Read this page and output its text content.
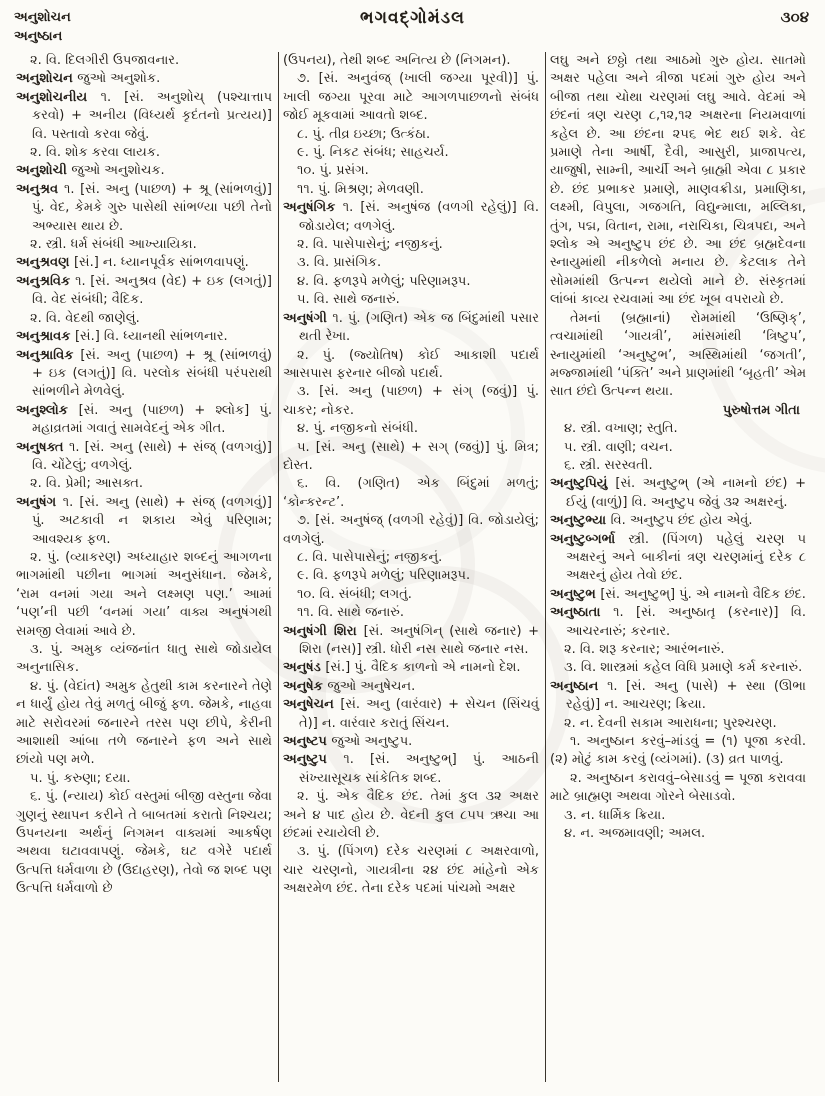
અનુશોચન
અનુષ્ઠાન
ભગવદ્ગોમંડલ	૩૦૪

૨. વિ. દિલગીરી ઉપજાવનાર.

અનુશોચન જુઓ અનુશોક.

અનુશોચનીય ૧. [સં. અનુશોચ્ (પશ્ચાત્તાપ કરવો) + અનીય (વિધ્યર્થ કૃદંતનો પ્રત્યય)] વિ. પસ્તાવો કરવા જેવું.

૨. વિ. શોક કરવા લાયક.

અનુશોચી જુઓ અનુશોચક.

અનુશ્રવ ૧. [સં. અનુ (પાછળ) + શ્રૂ (સાંભળવું)] પું. વેદ, કેમકે ગુરુ પાસેથી સાંભળ્યા પછી તેનો અભ્યાસ થાય છે.

૨. સ્ત્રી. ધર્મ સંબંધી આખ્યાયિકા.

અનુશ્રવણ [સં.] ન. ધ્યાનપૂર્વક સાંભળવાપણું.

અનુશ્રવિક ૧. [સં. અનુશ્રવ (વેદ) + ઇક (લગતું)] વિ. વેદ સંબંધી; વૈદિક.

૨. વિ. વેદથી જાણેલું.

અનુશ્રાવક [સં.] વિ. ધ્યાનથી સાંભળનાર.

અનુશ્રાવિક [સં. અનુ (પાછળ) + શ્રૂ (સાંભળવું) + ઇક (લગતું)] વિ. પરલોક સંબંધી પરંપરાથી સાંભળીને મેળવેલું.

અનુશ્લોક [સં. અનુ (પાછળ) + શ્લોક] પું. મહાવ્રતમાં ગવાતું સામવેદનું એક ગીત.

અનુષક્ત ૧. [સં. અનુ (સાથે) + સંજ્ (વળગવું)] વિ. ચોંટેલું; વળગેલું.

૨. વિ. પ્રેમી; આસક્ત.

અનુષંગ ૧. [સં. અનુ (સાથે) + સંજ્ (વળગવું)] પું. અટકાવી ન શકાય એવું પરિણામ; આવશ્યક ફળ.

૨. પું. (વ્યાકરણ) અધ્યાહાર શબ્દનું આગળના ભાગમાંથી પછીના ભાગમાં અનુસંધાન. જેમકે, ‘રામ વનમાં ગયા અને લક્ષ્મણ પણ.’ આમાં ‘પણ’ની પછી ‘વનમાં ગયા’ વાક્ય અનુષંગથી સમજી લેવામાં આવે છે.

૩. પું. અમુક વ્યંજનાંત ધાતુ સાથે જોડાયેલ અનુનાસિક.

૪. પું. (વેદાંત) અમુક હેતુથી કામ કરનારને તેણે ન ધાર્યું હોય તેવું મળતું બીજું ફળ. જેમકે, નાહવા માટે સરોવરમાં જનારને તરસ પણ છીપે, કેરીની આશાથી આંબા તળે જનારને ફળ અને સાથે છાંયો પણ મળે.

૫. પું. કરુણા; દયા.

૬. પું. (ન્યાય) કોઈ વસ્તુમાં બીજી વસ્તુના જેવા ગુણનું સ્થાપન કરીને તે બાબતમાં કરાતો નિશ્ચય; ઉપનયના અર્થનું નિગમન વાક્યમાં આકર્ષણ અથવા ઘટાવવાપણું. જેમકે, ઘટ વગેરે પદાર્થ ઉત્પત્તિ ધર્મવાળા છે (ઉદાહરણ), તેવો જ શબ્દ પણ ઉત્પત્તિ ધર્મવાળો છે

(ઉપનય), તેથી શબ્દ અનિત્ય છે (નિગમન).

૭. [સં. અનુવંજ્ (ખાલી જગ્યા પૂરવી)] પું. ખાલી જગ્યા પૂરવા માટે આગળપાછળનો સંબંધ જોઈ મૂકવામાં આવતો શબ્દ.

૮. પું. તીવ્ર ઇચ્છા; ઉત્કંઠા.

૯. પું. નિકટ સંબંધ; સાહચર્ય.

૧૦. પું. પ્રસંગ.

૧૧. પું. મિશ્રણ; મેળવણી.

અનુષંગિક ૧. [સં. અનુષંજ (વળગી રહેલું)] વિ. જોડાયેલ; વળગેલું.

૨. વિ. પાસેપાસેનું; નજીકનું.

૩. વિ. પ્રાસંગિક.

૪. વિ. ફળરૂપે મળેલું; પરિણામરૂપ.

૫. વિ. સાથે જનારું.

અનુષંગી ૧. પું. (ગણિત) એક જ બિંદુમાંથી પસાર થતી રેખા.

૨. પું. (જ્યોતિષ) કોઈ આકાશી પદાર્થ આસપાસ ફરનાર બીજો પદાર્થ.

૩. [સં. અનુ (પાછળ) + સંગ્ (જવું)] પું. ચાકર; નોકર.

૪. પું. નજીકનો સંબંધી.

૫. [સં. અનુ (સાથે) + સગ્ (જવું)] પું. મિત્ર; દોસ્ત.

૬. વિ. (ગણિત) એક બિંદુમાં મળતું; ‘કોન્કરન્ટ’.

૭. [સં. અનુષંજ્ (વળગી રહેવું)] વિ. જોડાયેલું; વળગેલું.

૮. વિ. પાસેપાસેનું; નજીકનું.

૯. વિ. ફળરૂપે મળેલું; પરિણામરૂપ.

૧૦. વિ. સંબંધી; લગતું.

૧૧. વિ. સાથે જનારું.

અનુષંગી શિરા [સં. અનુષંગિન્ (સાથે જનાર) + શિરા (નસ)] સ્ત્રી. ધોરી નસ સાથે જનાર નસ.

અનુષંડ [સં.] પું. વૈદિક કાળનો એ નામનો દેશ.

અનુષેક જુઓ અનુષેચન.

અનુષેચન [સં. અનુ (વારંવાર) + સેચન (સિંચવું તે)] ન. વારંવાર કરાતું સિંચન.

અનુષ્ટપ જુઓ અનુષ્ટુપ.

અનુષ્ટુપ ૧. [સં. અનુષ્ટુભ્] પું. આઠની સંખ્યાસૂચક સાંકેતિક શબ્દ.

૨. પું. એક વૈદિક છંદ. તેમાં કુલ ૩૨ અક્ષર અને ૪ પાદ હોય છે. વેદની કુલ ૮૫૫ ઋચા આ છંદમાં રચાયેલી છે.

૩. પું. (પિંગળ) દરેક ચરણમાં ૮ અક્ષરવાળો, ચાર ચરણનો, ગાયત્રીના ૨૪ છંદ માંહેનો એક અક્ષરમેળ છંદ. તેના દરેક પદમાં પાંચમો અક્ષર

લઘુ અને છઠ્ઠો તથા આઠમો ગુરુ હોય. સાતમો અક્ષર પહેલા અને ત્રીજા પદમાં ગુરુ હોય અને બીજા તથા ચોથા ચરણમાં લઘુ આવે. વેદમાં એ છંદનાં ત્રણ ચરણ ૮,૧૨,૧૨ અક્ષરના નિયમવાળાં કહેલ છે. આ છંદના ૨૫૬ ભેદ થઈ શકે. વેદ પ્રમાણે તેના આર્ષી, દૈવી, આસુરી, પ્રાજાપત્ય, યાજુષી, સામ્ની, આર્ચી અને બ્રાહ્મી એવા ૮ પ્રકાર છે. છંદ પ્રભાકર પ્રમાણે, માણવક્રીડા, પ્રમાણિકા, લક્ષ્મી, વિપુલા, ગજગતિ, વિદ્યુન્માલા, મલ્લિકા, તુંગ, પદ્મ, વિતાન, રામા, નરાચિકા, ચિત્રપદા, અને શ્લોક એ અનુષ્ટુપ છંદ છે. આ છંદ બ્રહ્મદેવના સ્નાયુમાંથી નીકળેલો મનાય છે. કેટલાક તેને સોમમાંથી ઉત્પન્ન થયેલો માને છે. સંસ્કૃતમાં લાંબાં કાવ્ય રચવામાં આ છંદ ખૂબ વપરાયો છે.

તેમનાં (બ્રહ્માનાં) રોમમાંથી ‘ઉષ્ણિક્’, ત્વચામાંથી ‘ગાયત્રી’, માંસમાંથી ‘ત્રિષ્ટુપ’, સ્નાયુમાંથી ‘અનુષ્ટુભ’, અસ્થિમાંથી ‘જગતી’, મજ્જામાંથી ‘પંક્તિ’ અને પ્રાણમાંથી ‘બૃહતી’ એમ સાત છંદો ઉત્પન્ન થયા.

પુરુષોત્તમ ગીતા

૪. સ્ત્રી. વખાણ; સ્તુતિ.

૫. સ્ત્રી. વાણી; વચન.

૬. સ્ત્રી. સરસ્વતી.

અનુષ્ટુપિયું [સં. અનુષ્ટુભ્ (એ નામનો છંદ) + ઈયું (વાળું)] વિ. અનુષ્ટુપ જેવું ૩૨ અક્ષરનું.

અનુષ્ટુભ્યા વિ. અનુષ્ટુપ છંદ હોય એવું.

અનુષ્ટુબ્ગર્ભા સ્ત્રી. (પિંગળ) પહેલું ચરણ ૫ અક્ષરનું અને બાકીનાં ત્રણ ચરણમાંનું દરેક ૮ અક્ષરનું હોય તેવો છંદ.

અનુષ્ટુભ [સં. અનુષ્ટુભ્] પું. એ નામનો વૈદિક છંદ.

અનુષ્ઠાતા ૧. [સં. અનુષ્ઠાતૃ (કરનાર)] વિ. આચરનારું; કરનાર.

૨. વિ. શરૂ કરનાર; આરંભનારું.

૩. વિ. શાસ્ત્રમાં કહેલ વિધિ પ્રમાણે કર્મ કરનારું.

અનુષ્ઠાન ૧. [સં. અનુ (પાસે) + સ્થા (ઊભા રહેવું)] ન. આચરણ; ક્રિયા.

૨. ન. દેવની સકામ આરાધના; પુરશ્ચરણ.

૧. અનુષ્ઠાન કરવું–માંડવું = (૧) પૂજા કરવી. (૨) મોટું કામ કરવું (વ્યંગમાં). (૩) વ્રત પાળવું.

૨. અનુષ્ઠાન કરાવવું–બેસાડવું = પૂજા કરાવવા માટે બ્રાહ્મણ અથવા ગોરને બેસાડવો.

૩. ન. ધાર્મિક ક્રિયા.

૪. ન. અજમાવણી; અમલ.
